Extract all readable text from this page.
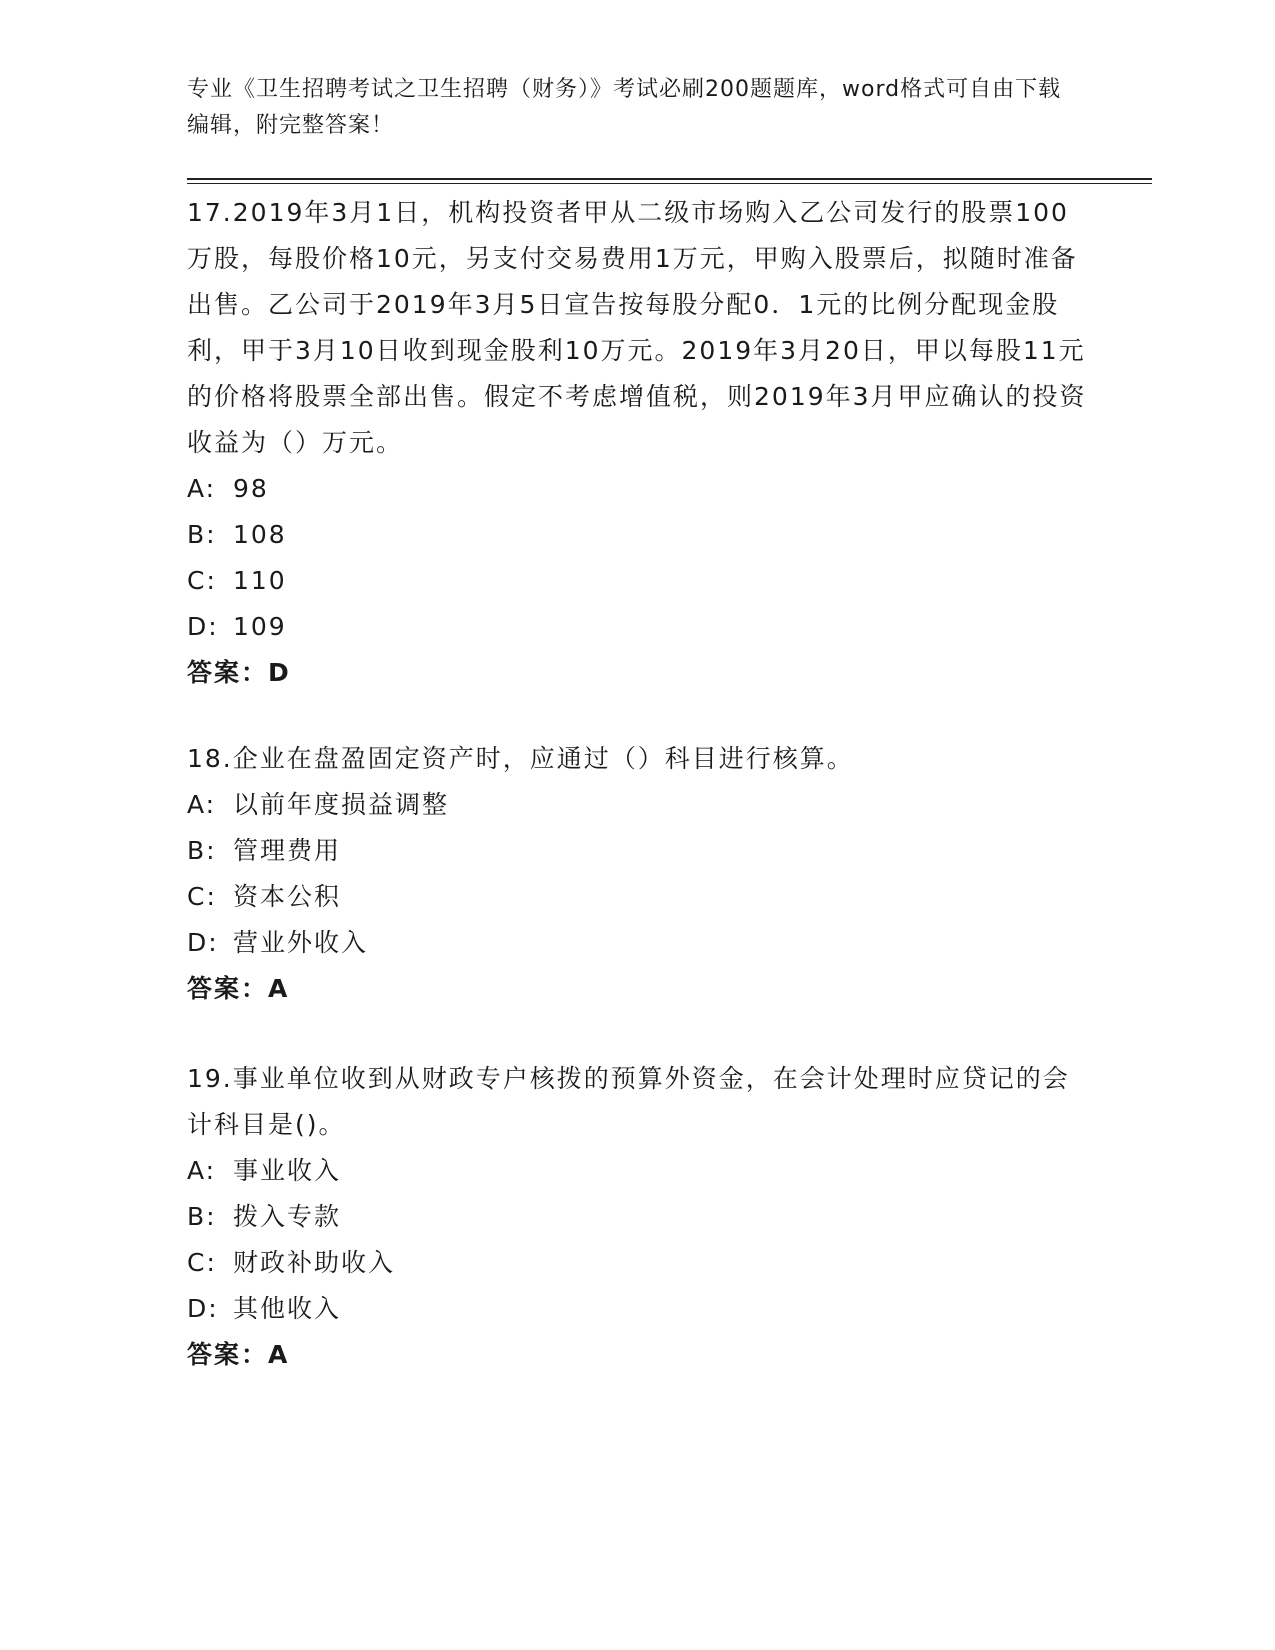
专业《卫生招聘考试之卫生招聘（财务）》考试必刷200题题库，word格式可自由下载编辑，附完整答案！

17.2019年3月1日，机构投资者甲从二级市场购入乙公司发行的股票100万股，每股价格10元，另支付交易费用1万元，甲购入股票后，拟随时准备出售。乙公司于2019年3月5日宣告按每股分配0．1元的比例分配现金股利，甲于3月10日收到现金股利10万元。2019年3月20日，甲以每股11元的价格将股票全部出售。假定不考虑增值税，则2019年3月甲应确认的投资收益为（）万元。

A: 98
B: 108
C: 110
D: 109
答案：D

18.企业在盘盈固定资产时，应通过（）科目进行核算。

A: 以前年度损益调整
B: 管理费用
C: 资本公积
D: 营业外收入
答案：A

19.事业单位收到从财政专户核拨的预算外资金，在会计处理时应贷记的会计科目是()。

A: 事业收入
B: 拨入专款
C: 财政补助收入
D: 其他收入
答案：A
